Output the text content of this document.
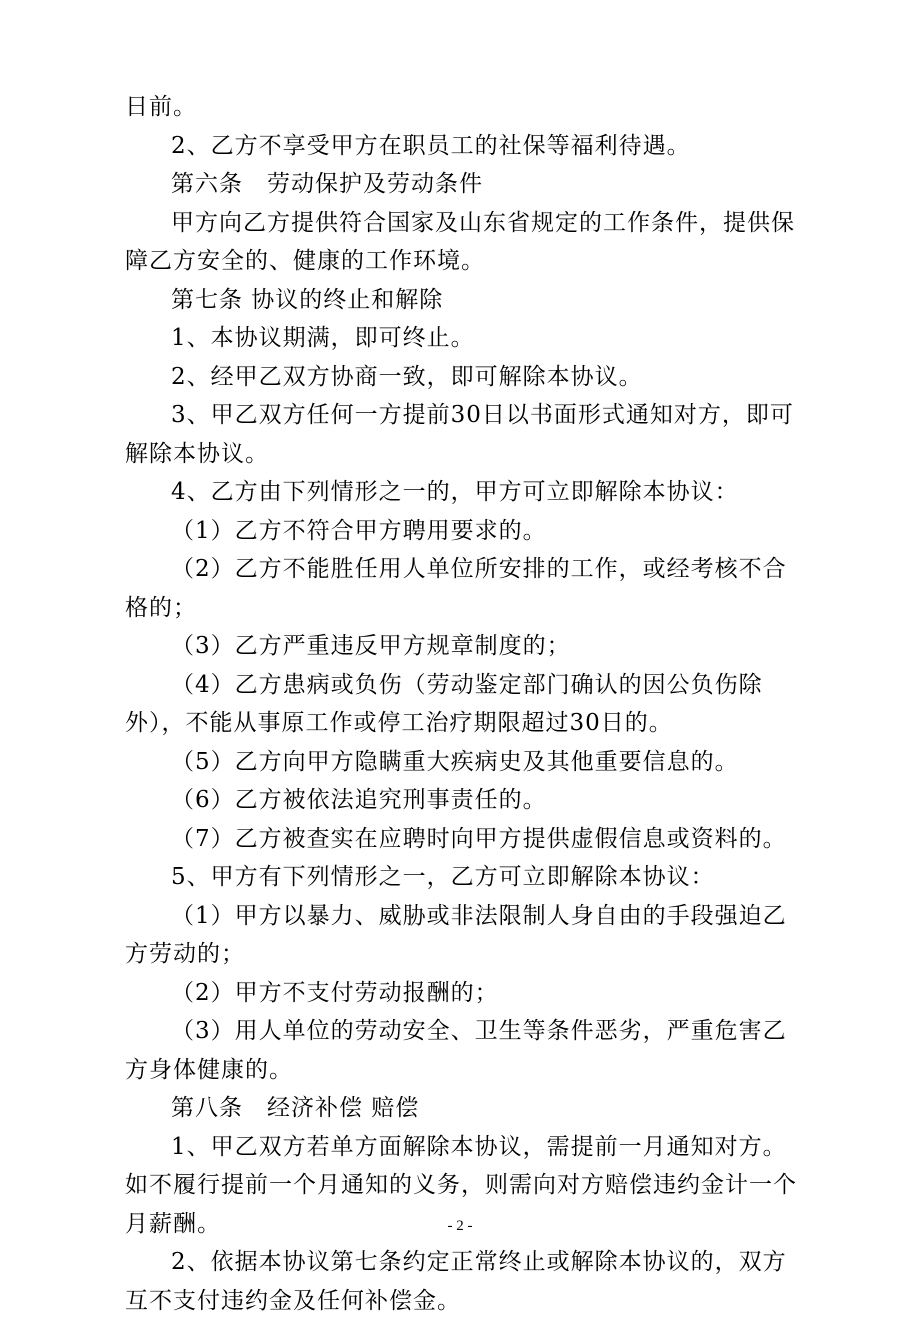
日前。

2、乙方不享受甲方在职员工的社保等福利待遇。

第六条　劳动保护及劳动条件

甲方向乙方提供符合国家及山东省规定的工作条件，提供保障乙方安全的、健康的工作环境。

第七条 协议的终止和解除

1、本协议期满，即可终止。

2、经甲乙双方协商一致，即可解除本协议。

3、甲乙双方任何一方提前30日以书面形式通知对方，即可解除本协议。

4、乙方由下列情形之一的，甲方可立即解除本协议：

（1）乙方不符合甲方聘用要求的。

（2）乙方不能胜任用人单位所安排的工作，或经考核不合格的；

（3）乙方严重违反甲方规章制度的；

（4）乙方患病或负伤（劳动鉴定部门确认的因公负伤除外），不能从事原工作或停工治疗期限超过30日的。

（5）乙方向甲方隐瞒重大疾病史及其他重要信息的。

（6）乙方被依法追究刑事责任的。

（7）乙方被查实在应聘时向甲方提供虚假信息或资料的。

5、甲方有下列情形之一，乙方可立即解除本协议：

（1）甲方以暴力、威胁或非法限制人身自由的手段强迫乙方劳动的；

（2）甲方不支付劳动报酬的；

（3）用人单位的劳动安全、卫生等条件恶劣，严重危害乙方身体健康的。

第八条　经济补偿 赔偿

1、甲乙双方若单方面解除本协议，需提前一月通知对方。如不履行提前一个月通知的义务，则需向对方赔偿违约金计一个月薪酬。

2、依据本协议第七条约定正常终止或解除本协议的，双方互不支付违约金及任何补偿金。

- 2 -
